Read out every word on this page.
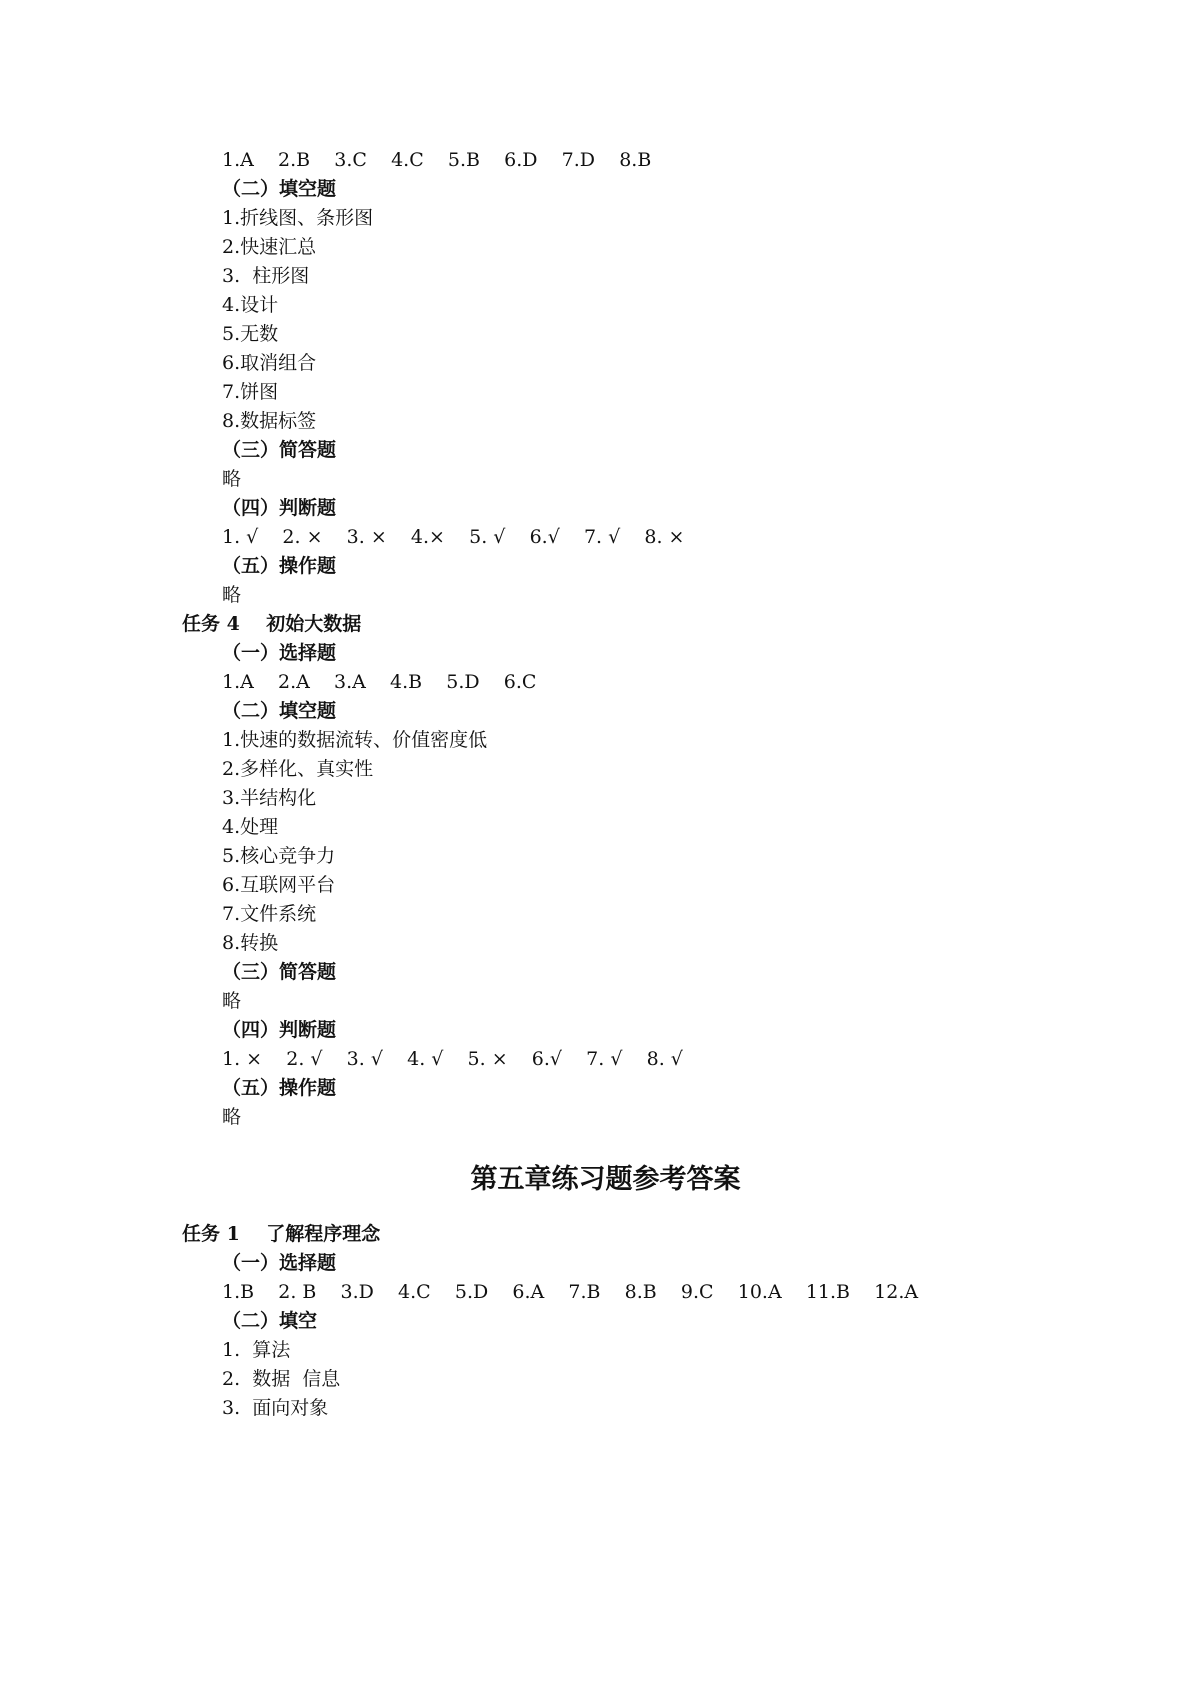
1.A    2.B    3.C    4.C    5.B    6.D    7.D    8.B
（二）填空题
1.折线图、条形图
2.快速汇总
3.  柱形图
4.设计
5.无数
6.取消组合
7.饼图
8.数据标签
（三）简答题
略
（四）判断题
1. √    2. ×    3. ×    4.×    5. √    6.√    7. √    8. ×
（五）操作题
略
任务 4    初始大数据
（一）选择题
1.A    2.A    3.A    4.B    5.D    6.C
（二）填空题
1.快速的数据流转、价值密度低
2.多样化、真实性
3.半结构化
4.处理
5.核心竞争力
6.互联网平台
7.文件系统
8.转换
（三）简答题
略
（四）判断题
1. ×    2. √    3. √    4. √    5. ×    6.√    7. √    8. √
（五）操作题
略
第五章练习题参考答案
任务 1    了解程序理念
（一）选择题
1.B    2. B    3.D    4.C    5.D    6.A    7.B    8.B    9.C    10.A    11.B    12.A
（二）填空
1.  算法
2.  数据  信息
3.  面向对象
